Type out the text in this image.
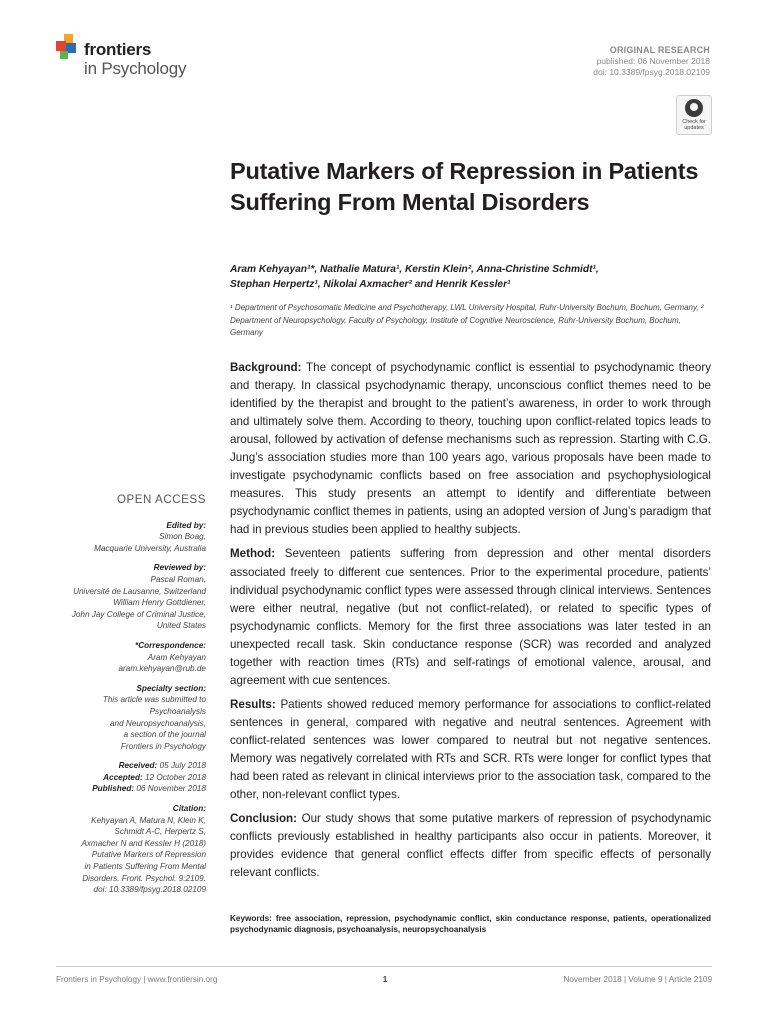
frontiers
in Psychology
ORIGINAL RESEARCH
published: 06 November 2018
doi: 10.3389/fpsyg.2018.02109
Check for
updates
Putative Markers of Repression in Patients Suffering From Mental Disorders
Aram Kehyayan¹*, Nathalie Matura¹, Kerstin Klein², Anna-Christine Schmidt¹,
Stephan Herpertz¹, Nikolai Axmacher² and Henrik Kessler¹
¹ Department of Psychosomatic Medicine and Psychotherapy, LWL University Hospital, Ruhr-University Bochum, Bochum, Germany, ² Department of Neuropsychology, Faculty of Psychology, Institute of Cognitive Neuroscience, Ruhr-University Bochum, Bochum, Germany

Background: The concept of psychodynamic conflict is essential to psychodynamic theory and therapy. In classical psychodynamic therapy, unconscious conflict themes need to be identified by the therapist and brought to the patient’s awareness, in order to work through and ultimately solve them. According to theory, touching upon conflict-related topics leads to arousal, followed by activation of defense mechanisms such as repression. Starting with C.G. Jung’s association studies more than 100 years ago, various proposals have been made to investigate psychodynamic conflicts based on free association and psychophysiological measures. This study presents an attempt to identify and differentiate between psychodynamic conflict themes in patients, using an adopted version of Jung’s paradigm that had in previous studies been applied to healthy subjects.

Method: Seventeen patients suffering from depression and other mental disorders associated freely to different cue sentences. Prior to the experimental procedure, patients’ individual psychodynamic conflict types were assessed through clinical interviews. Sentences were either neutral, negative (but not conflict-related), or related to specific types of psychodynamic conflicts. Memory for the first three associations was later tested in an unexpected recall task. Skin conductance response (SCR) was recorded and analyzed together with reaction times (RTs) and self-ratings of emotional valence, arousal, and agreement with cue sentences.

Results: Patients showed reduced memory performance for associations to conflict-related sentences in general, compared with negative and neutral sentences. Agreement with conflict-related sentences was lower compared to neutral but not negative sentences. Memory was negatively correlated with RTs and SCR. RTs were longer for conflict types that had been rated as relevant in clinical interviews prior to the association task, compared to the other, non-relevant conflict types.

Conclusion: Our study shows that some putative markers of repression of psychodynamic conflicts previously established in healthy participants also occur in patients. Moreover, it provides evidence that general conflict effects differ from specific effects of personally relevant conflicts.

Keywords: free association, repression, psychodynamic conflict, skin conductance response, patients, operationalized psychodynamic diagnosis, psychoanalysis, neuropsychoanalysis
OPEN ACCESS
Edited by:
Simon Boag,
Macquarie University, Australia
Reviewed by:
Pascal Roman,
Université de Lausanne, Switzerland
William Henry Gottdiener,
John Jay College of Criminal Justice,
United States
*Correspondence:
Aram Kehyayan
aram.kehyayan@rub.de
Specialty section:
This article was submitted to
Psychoanalysis
and Neuropsychoanalysis,
a section of the journal
Frontiers in Psychology
Received: 05 July 2018
Accepted: 12 October 2018
Published: 06 November 2018
Citation:
Kehyayan A, Matura N, Klein K,
Schmidt A-C, Herpertz S,
Axmacher N and Kessler H (2018)
Putative Markers of Repression
in Patients Suffering From Mental
Disorders. Front. Psychol. 9:2109.
doi: 10.3389/fpsyg.2018.02109
Frontiers in Psychology | www.frontiersin.org	1	November 2018 | Volume 9 | Article 2109
